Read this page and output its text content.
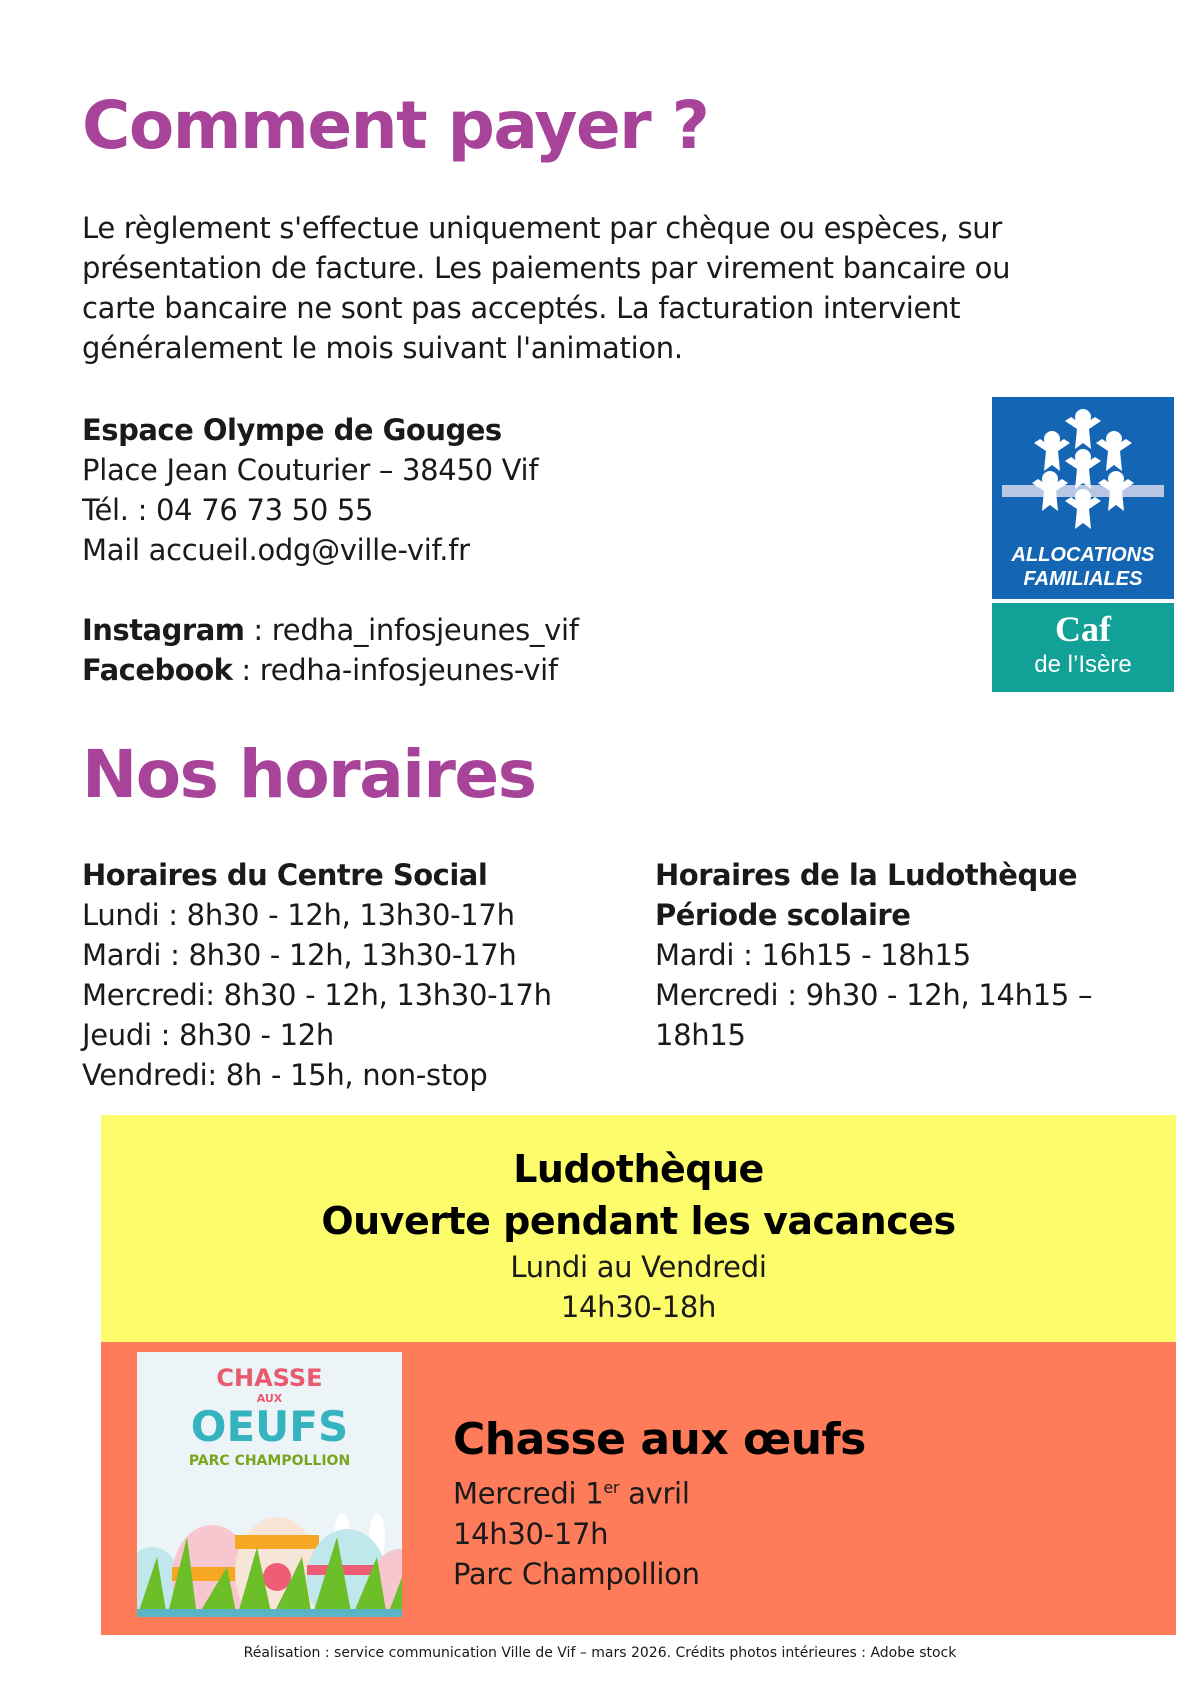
Comment payer ?
Le règlement s'effectue uniquement par chèque ou espèces, sur
présentation de facture. Les paiements par virement bancaire ou
carte bancaire ne sont pas acceptés. La facturation intervient
généralement le mois suivant l'animation.
Espace Olympe de Gouges
Place Jean Couturier – 38450 Vif
Tél. : 04 76 73 50 55
Mail accueil.odg@ville-vif.fr

Instagram : redha_infosjeunes_vif
Facebook : redha-infosjeunes-vif
ALLOCATIONS
FAMILIALES
Caf
de l’Isère
Nos horaires
Horaires du Centre Social
Lundi : 8h30 - 12h, 13h30-17h
Mardi : 8h30 - 12h, 13h30-17h
Mercredi: 8h30 - 12h, 13h30-17h
Jeudi : 8h30 - 12h
Vendredi: 8h - 15h, non-stop
Horaires de la Ludothèque
Période scolaire
Mardi : 16h15 - 18h15
Mercredi : 9h30 - 12h, 14h15 –
18h15
Ludothèque
Ouverte pendant les vacances
Lundi au Vendredi
14h30-18h
CHASSE
AUX
OEUFS
PARC CHAMPOLLION	Chasse aux œufs
Mercredi 1er avril
14h30-17h
Parc Champollion
Réalisation : service communication Ville de Vif – mars 2026. Crédits photos intérieures : Adobe stock
